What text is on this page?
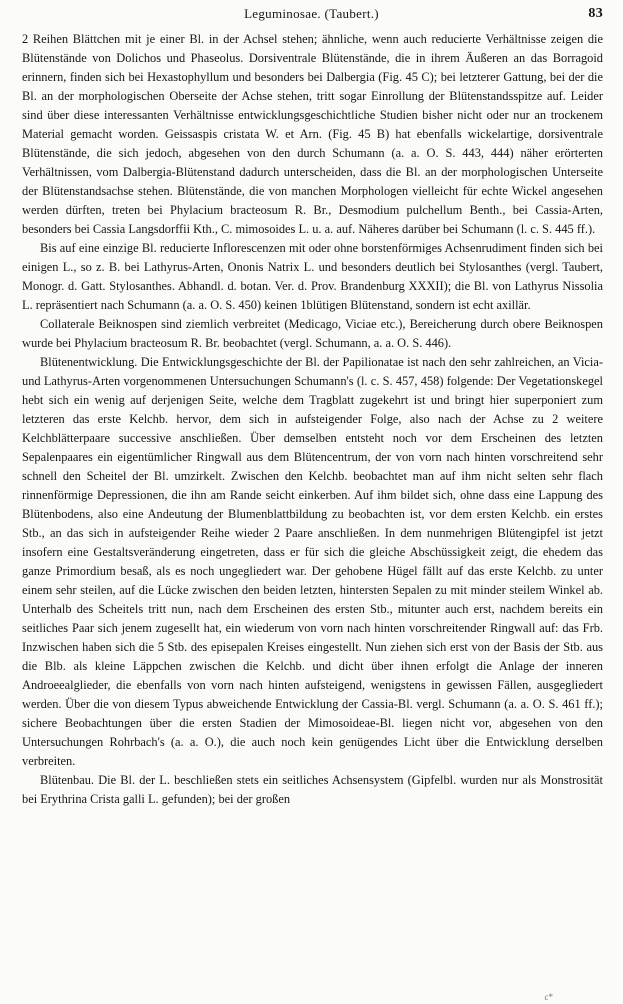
Leguminosae. (Taubert.)	83

2 Reihen Blättchen mit je einer Bl. in der Achsel stehen; ähnliche, wenn auch reducierte Verhältnisse zeigen die Blütenstände von Dolichos und Phaseolus. Dorsiventrale Blütenstände, die in ihrem Äußeren an das Borragoid erinnern, finden sich bei Hexastophyllum und besonders bei Dalbergia (Fig. 45 C); bei letzterer Gattung, bei der die Bl. an der morphologischen Oberseite der Achse stehen, tritt sogar Einrollung der Blütenstandsspitze auf. Leider sind über diese interessanten Verhältnisse entwicklungsgeschichtliche Studien bisher nicht oder nur an trockenem Material gemacht worden. Geissaspis cristata W. et Arn. (Fig. 45 B) hat ebenfalls wickelartige, dorsiventrale Blütenstände, die sich jedoch, abgesehen von den durch Schumann (a. a. O. S. 443, 444) näher erörterten Verhältnissen, vom Dalbergia-Blütenstand dadurch unterscheiden, dass die Bl. an der morphologischen Unterseite der Blütenstandsachse stehen. Blütenstände, die von manchen Morphologen vielleicht für echte Wickel angesehen werden dürften, treten bei Phylacium bracteosum R. Br., Desmodium pulchellum Benth., bei Cassia-Arten, besonders bei Cassia Langsdorffii Kth., C. mimosoides L. u. a. auf. Näheres darüber bei Schumann (l. c. S. 445 ff.).

Bis auf eine einzige Bl. reducierte Inflorescenzen mit oder ohne borstenförmiges Achsenrudiment finden sich bei einigen L., so z. B. bei Lathyrus-Arten, Ononis Natrix L. und besonders deutlich bei Stylosanthes (vergl. Taubert, Monogr. d. Gatt. Stylosanthes. Abhandl. d. botan. Ver. d. Prov. Brandenburg XXXII); die Bl. von Lathyrus Nissolia L. repräsentiert nach Schumann (a. a. O. S. 450) keinen 1blütigen Blütenstand, sondern ist echt axillär.

Collaterale Beiknospen sind ziemlich verbreitet (Medicago, Viciae etc.), Bereicherung durch obere Beiknospen wurde bei Phylacium bracteosum R. Br. beobachtet (vergl. Schumann, a. a. O. S. 446).

Blütenentwicklung. Die Entwicklungsgeschichte der Bl. der Papilionatae ist nach den sehr zahlreichen, an Vicia- und Lathyrus-Arten vorgenommenen Untersuchungen Schumann's (l. c. S. 457, 458) folgende: Der Vegetationskegel hebt sich ein wenig auf derjenigen Seite, welche dem Tragblatt zugekehrt ist und bringt hier superponiert zum letzteren das erste Kelchb. hervor, dem sich in aufsteigender Folge, also nach der Achse zu 2 weitere Kelchblätterpaare successive anschließen. Über demselben entsteht noch vor dem Erscheinen des letzten Sepalenpaares ein eigentümlicher Ringwall aus dem Blütencentrum, der von vorn nach hinten vorschreitend sehr schnell den Scheitel der Bl. umzirkelt. Zwischen den Kelchb. beobachtet man auf ihm nicht selten sehr flach rinnenförmige Depressionen, die ihn am Rande seicht einkerben. Auf ihm bildet sich, ohne dass eine Lappung des Blütenbodens, also eine Andeutung der Blumenblattbildung zu beobachten ist, vor dem ersten Kelchb. ein erstes Stb., an das sich in aufsteigender Reihe wieder 2 Paare anschließen. In dem nunmehrigen Blütengipfel ist jetzt insofern eine Gestaltsveränderung eingetreten, dass er für sich die gleiche Abschüssigkeit zeigt, die ehedem das ganze Primordium besaß, als es noch ungegliedert war. Der gehobene Hügel fällt auf das erste Kelchb. zu unter einem sehr steilen, auf die Lücke zwischen den beiden letzten, hintersten Sepalen zu mit minder steilem Winkel ab. Unterhalb des Scheitels tritt nun, nach dem Erscheinen des ersten Stb., mitunter auch erst, nachdem bereits ein seitliches Paar sich jenem zugesellt hat, ein wiederum von vorn nach hinten vorschreitender Ringwall auf: das Frb. Inzwischen haben sich die 5 Stb. des episepalen Kreises eingestellt. Nun ziehen sich erst von der Basis der Stb. aus die Blb. als kleine Läppchen zwischen die Kelchb. und dicht über ihnen erfolgt die Anlage der inneren Androeealglieder, die ebenfalls von vorn nach hinten aufsteigend, wenigstens in gewissen Fällen, ausgegliedert werden. Über die von diesem Typus abweichende Entwicklung der Cassia-Bl. vergl. Schumann (a. a. O. S. 461 ff.); sichere Beobachtungen über die ersten Stadien der Mimosoideae-Bl. liegen nicht vor, abgesehen von den Untersuchungen Rohrbach's (a. a. O.), die auch noch kein genügendes Licht über die Entwicklung derselben verbreiten.

Blütenbau. Die Bl. der L. beschließen stets ein seitliches Achsensystem (Gipfelbl. wurden nur als Monstrosität bei Erythrina Crista galli L. gefunden); bei der großen

c*
